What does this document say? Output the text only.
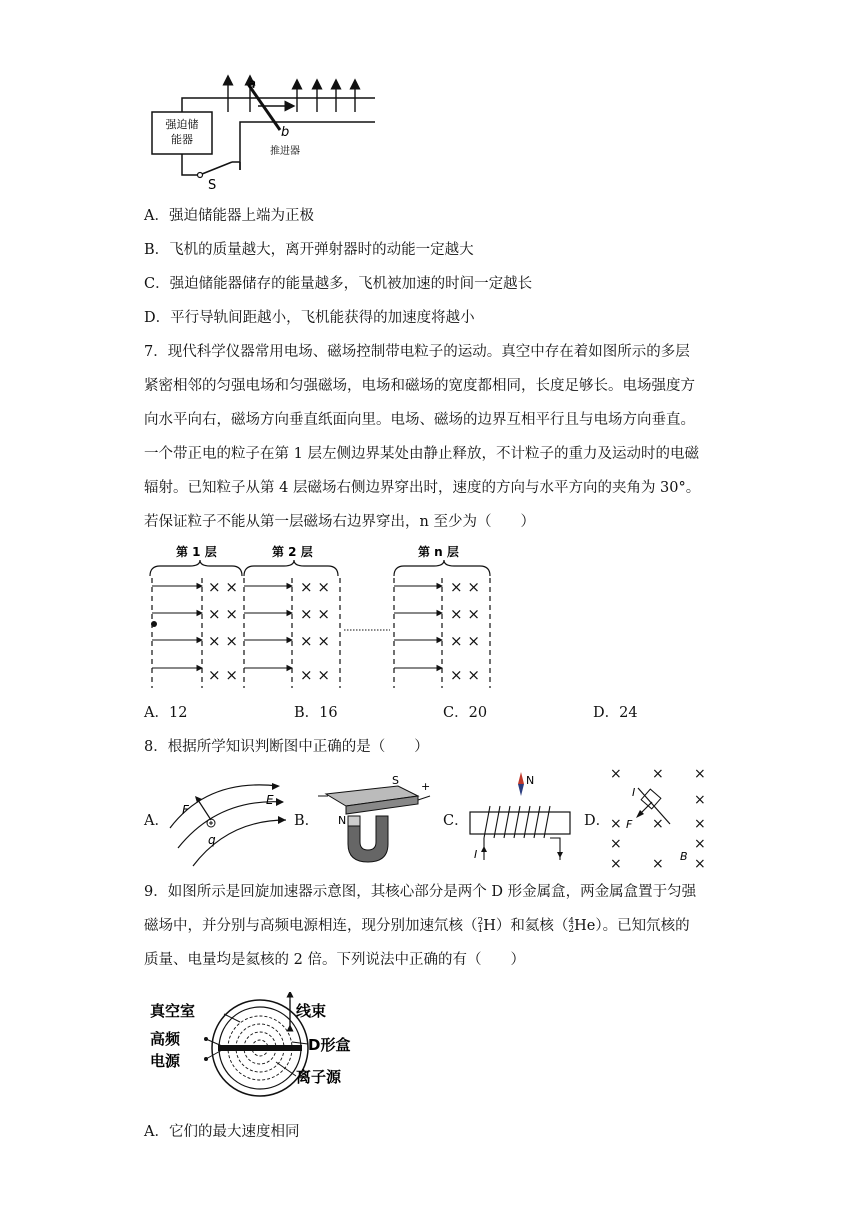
强迫储
能器
S
a
b
推进器
A．强迫储能器上端为正极
B．飞机的质量越大，离开弹射器时的动能一定越大
C．强迫储能器储存的能量越多，飞机被加速的时间一定越长
D．平行导轨间距越小，飞机能获得的加速度将越小
7．现代科学仪器常用电场、磁场控制带电粒子的运动。真空中存在着如图所示的多层
紧密相邻的匀强电场和匀强磁场，电场和磁场的宽度都相同，长度足够长。电场强度方
向水平向右，磁场方向垂直纸面向里。电场、磁场的边界互相平行且与电场方向垂直。
一个带正电的粒子在第 1 层左侧边界某处由静止释放，不计粒子的重力及运动时的电磁
辐射。已知粒子从第 4 层磁场右侧边界穿出时，速度的方向与水平方向的夹角为 30°。
若保证粒子不能从第一层磁场右边界穿出，n 至少为（　　）
第 1 层	第 2 层	第 n 层
× ×
× ×
× ×
× ×
× ×
× ×
× ×
× ×
× ×
× ×
× ×
× ×
A．12	B．16	C．20	D．24
8．根据所学知识判断图中正确的是（　　）
A．
F
E
q
B．
S
N
+
C．
N
I
D．
× × ×
×
× × ×
×	×
× × ×
I
F
B
9．如图所示是回旋加速器示意图，其核心部分是两个 D 形金属盒，两金属盒置于匀强
磁场中，并分别与高频电源相连，现分别加速氘核（2
1H）和氦核（4
2He）。已知氘核的
质量、电量均是氦核的 2 倍。下列说法中正确的有（　　）
真空室	线束
高频
电源
D形盒
离子源
A．它们的最大速度相同
